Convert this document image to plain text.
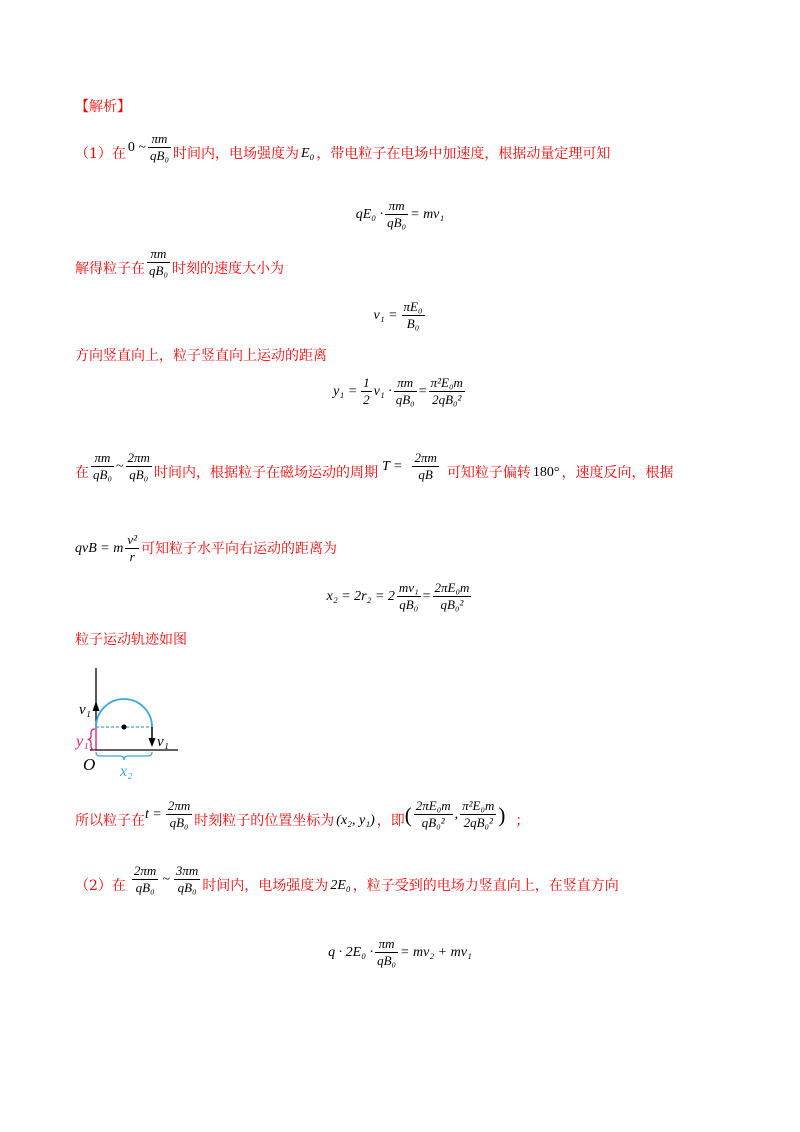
【解析】
（1）在 0 ~ $\frac{\pi m}{\text{qB₀}}$ 时间内，电场强度为 E₀ ，带电粒子在电场中加速度，根据动量定理可知
$qE_0 \cdot \frac{\pi m}{\text{qB₀}} = mv_1$
解得粒子在 $\frac{\pi m}{\text{qB₀}}$ 时刻的速度大小为
$v_1 = \frac{\text{πE₀}}{\text{B₀}}$
方向竖直向上，粒子竖直向上运动的距离
$y_1 = \frac{1}{2} v_1 \cdot \frac{\pi m}{\text{qB₀}} = \frac{\text{π²E₀m}}{\text{2qB₀²}}$
在 $\frac{\pi m}{\text{qB₀}}$ ~ $\frac{2\pi m}{\text{qB₀}}$ 时间内，根据粒子在磁场运动的周期 $T = \frac{2\pi m}{qB}$ 可知粒子偏转 180° ，速度反向，根据
qvB = m $\frac{\text{v²}}{r}$ 可知粒子水平向右运动的距离为
$x_2 = 2r_2 = 2 \frac{\text{mv₁}}{\text{qB₀}} = \frac{\text{2πE₀m}}{\text{qB₀²}}$
粒子运动轨迹如图
v₁
v₁
y₁
O x₂
所以粒子在 $t = \frac{2\pi m}{\text{qB₀}}$ 时刻粒子的位置坐标为 (x₂, y₁) ，即 ( $\frac{\text{2πE₀m}}{\text{qB₀²}}$ , $\frac{\text{π²E₀m}}{\text{2qB₀²}}$ ) ；
（2）在 $\frac{2\pi m}{\text{qB₀}}$ ~ $\frac{3\pi m}{\text{qB₀}}$ 时间内，电场强度为 2E₀ ，粒子受到的电场力竖直向上，在竖直方向
$q \cdot 2E_0 \cdot \frac{\pi m}{\text{qB₀}} = mv_2 + mv_1$
